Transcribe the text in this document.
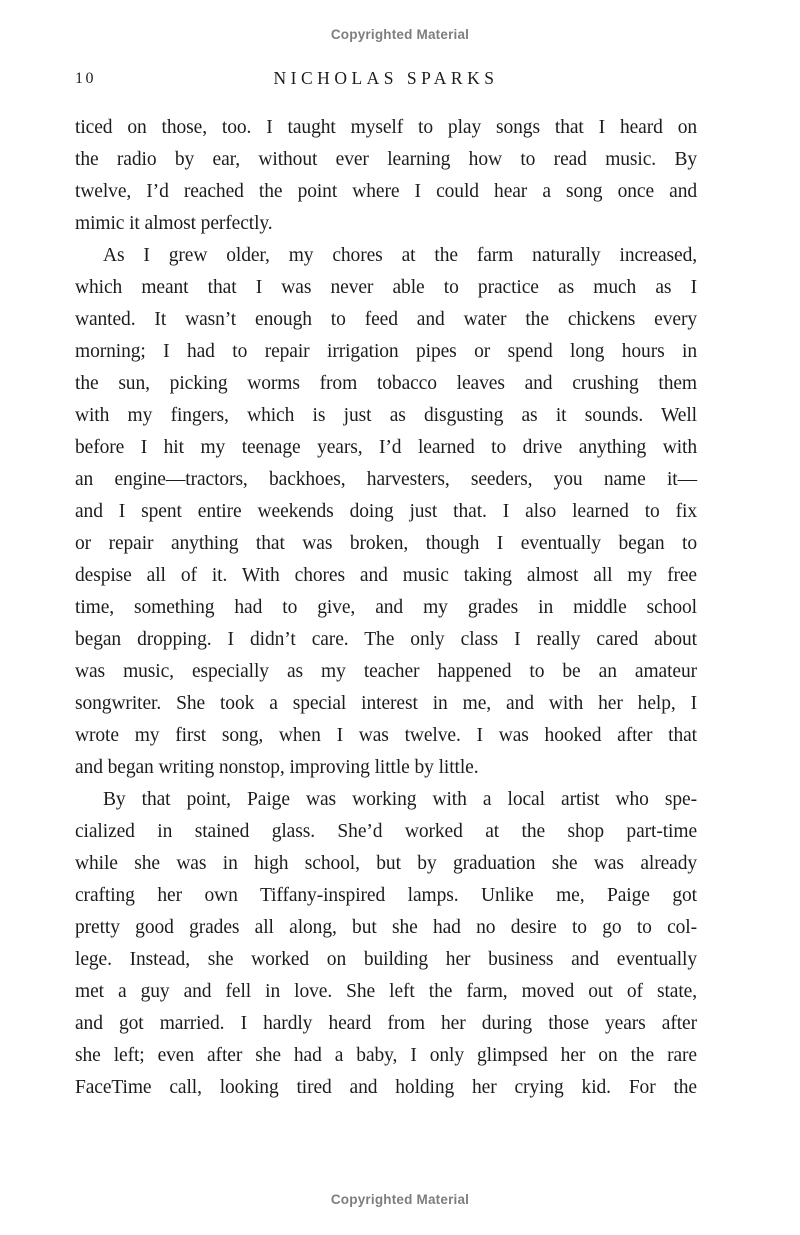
Copyrighted Material
10	NICHOLAS SPARKS
ticed on those, too. I taught myself to play songs that I heard on
the radio by ear, without ever learning how to read music. By
twelve, I’d reached the point where I could hear a song once and
mimic it almost perfectly.
As I grew older, my chores at the farm naturally increased,
which meant that I was never able to practice as much as I
wanted. It wasn’t enough to feed and water the chickens every
morning; I had to repair irrigation pipes or spend long hours in
the sun, picking worms from tobacco leaves and crushing them
with my fingers, which is just as disgusting as it sounds. Well
before I hit my teenage years, I’d learned to drive anything with
an engine—tractors, backhoes, harvesters, seeders, you name it—
and I spent entire weekends doing just that. I also learned to fix
or repair anything that was broken, though I eventually began to
despise all of it. With chores and music taking almost all my free
time, something had to give, and my grades in middle school
began dropping. I didn’t care. The only class I really cared about
was music, especially as my teacher happened to be an amateur
songwriter. She took a special interest in me, and with her help, I
wrote my first song, when I was twelve. I was hooked after that
and began writing nonstop, improving little by little.
By that point, Paige was working with a local artist who spe-
cialized in stained glass. She’d worked at the shop part-time
while she was in high school, but by graduation she was already
crafting her own Tiffany-inspired lamps. Unlike me, Paige got
pretty good grades all along, but she had no desire to go to col-
lege. Instead, she worked on building her business and eventually
met a guy and fell in love. She left the farm, moved out of state,
and got married. I hardly heard from her during those years after
she left; even after she had a baby, I only glimpsed her on the rare
FaceTime call, looking tired and holding her crying kid. For the
Copyrighted Material
